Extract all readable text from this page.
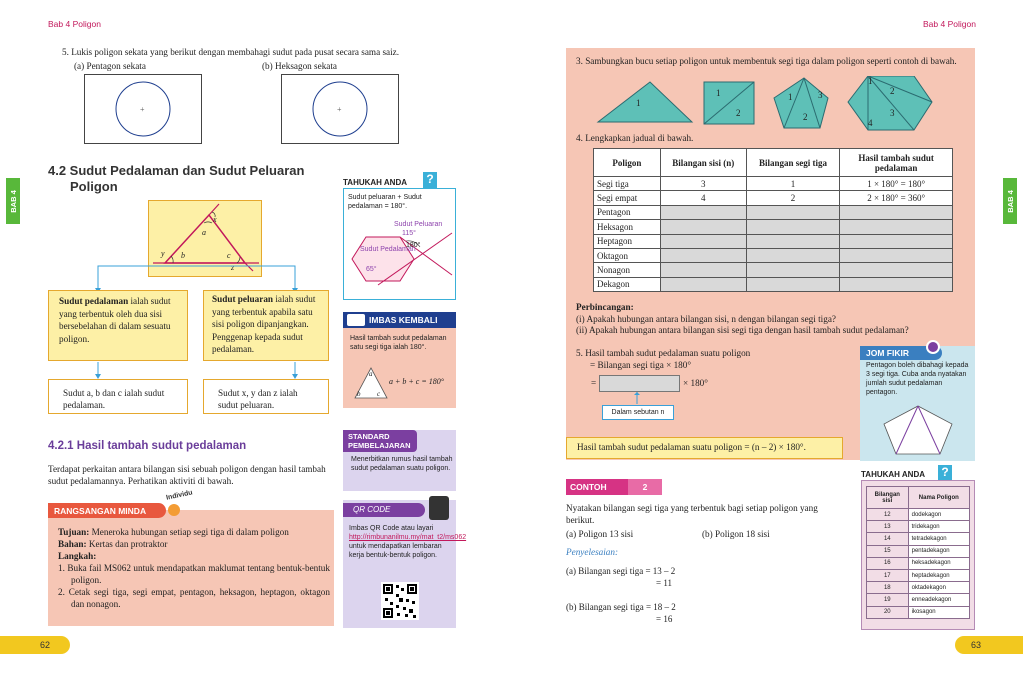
Bab 4 Poligon	Bab 4 Poligon
BAB 4	BAB 4
62	63
5. Lukis poligon sekata yang berikut dengan membahagi sudut pada pusat secara sama saiz.
(a) Pentagon sekata	(b) Heksagon sekata
+	+
4.2 Sudut Pedalaman dan Sudut Peluaran
Poligon
x
a
y b	c
z
Sudut pedalaman ialah sudut yang terbentuk oleh dua sisi bersebelahan di dalam sesuatu poligon.
Sudut peluaran ialah sudut yang terbentuk apabila satu sisi poligon dipanjangkan. Penggenap kepada sudut pedalaman.
Sudut a, b dan c ialah sudut pedalaman.
Sudut x, y dan z ialah sudut peluaran.
4.2.1 Hasil tambah sudut pedalaman
Terdapat perkaitan antara bilangan sisi sebuah poligon dengan hasil tambah sudut pedalamannya. Perhatikan aktiviti di bawah.
RANGSANGAN MINDA
Individu
Tujuan: Meneroka hubungan setiap segi tiga di dalam poligon
Bahan: Kertas dan protraktor
Langkah:
1. Buka fail MS062 untuk mendapatkan maklumat tentang bentuk-bentuk poligon.
2. Cetak segi tiga, segi empat, pentagon, heksagon, heptagon, oktagon dan nonagon.
TAHUKAH ANDA ?
Sudut peluaran + Sudut pedalaman = 180°.
Sudut Peluaran
115°
180°
Sudut Pedalaman
65°
IMBAS KEMBALI
Hasil tambah sudut pedalaman satu segi tiga ialah 180°.
a
b c
a + b + c = 180°
STANDARD
PEMBELAJARAN
Menerbitkan rumus hasil tambah sudut pedalaman suatu poligon.
QR CODE
Imbas QR Code atau layari http://rimbunanilmu.my/mat_t2/ms062 untuk mendapatkan lembaran kerja bentuk-bentuk poligon.
3. Sambungkan bucu setiap poligon untuk membentuk segi tiga dalam poligon seperti contoh di bawah.
1
1
2
1
2
3
1
2
3
4
4. Lengkapkan jadual di bawah.
Poligon	Bilangan sisi (n)	Bilangan segi tiga	Hasil tambah sudut pedalaman
Segi tiga	3	1	1 × 180° = 180°
Segi empat	4	2	2 × 180° = 360°
Pentagon			
Heksagon			
Heptagon			
Oktagon			
Nonagon			
Dekagon			
Perbincangan:
(i) Apakah hubungan antara bilangan sisi, n dengan bilangan segi tiga?
(ii) Apakah hubungan antara bilangan sisi segi tiga dengan hasil tambah sudut pedalaman?
5. Hasil tambah sudut pedalaman suatu poligon
= Bilangan segi tiga × 180°
=	× 180°
Dalam sebutan n
Hasil tambah sudut pedalaman suatu poligon = (n – 2) × 180°.
JOM FIKIR
Pentagon boleh dibahagi kepada 3 segi tiga. Cuba anda nyatakan jumlah sudut pedalaman pentagon.
CONTOH	2
Nyatakan bilangan segi tiga yang terbentuk bagi setiap poligon yang berikut.
(a) Poligon 13 sisi	(b) Poligon 18 sisi
Penyelesaian:
(a) Bilangan segi tiga = 13 – 2
= 11
(b) Bilangan segi tiga = 18 – 2
= 16
TAHUKAH ANDA ?
Bilangan sisi	Nama Poligon
12	dodekagon
13	tridekagon
14	tetradekagon
15	pentadekagon
16	heksadekagon
17	heptadekagon
18	oktadekagon
19	enneadekagon
20	ikosagon
